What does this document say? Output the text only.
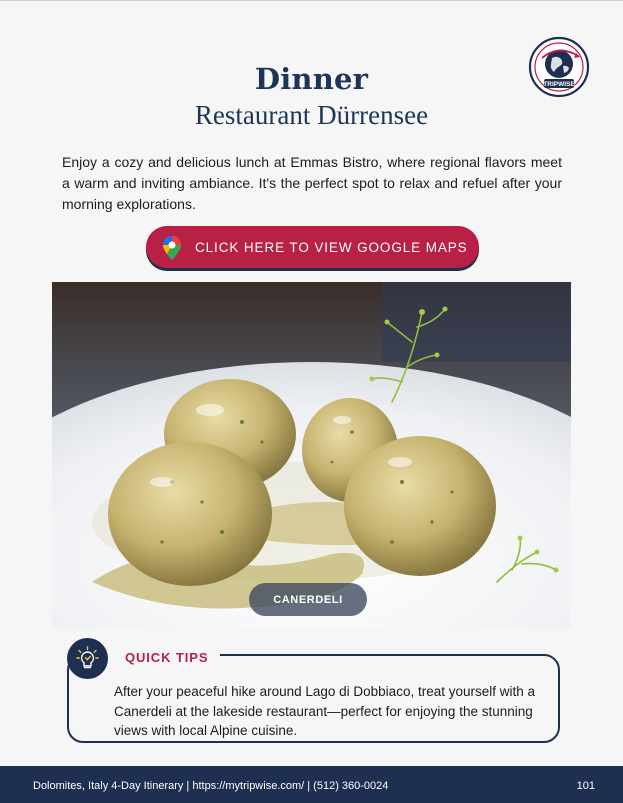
TRIPWISE
Dinner
Restaurant Dürrensee

Enjoy a cozy and delicious lunch at Emmas Bistro, where regional flavors meet a warm and inviting ambiance. It's the perfect spot to relax and refuel after your morning explorations.

CLICK HERE TO VIEW GOOGLE MAPS
CANERDELI
QUICK TIPS

After your peaceful hike around Lago di Dobbiaco, treat yourself with a Canerdeli at the lakeside restaurant—perfect for enjoying the stunning views with local Alpine cuisine.

Dolomites, Italy 4-Day Itinerary | https://mytripwise.com/ | (512) 360-0024	101
